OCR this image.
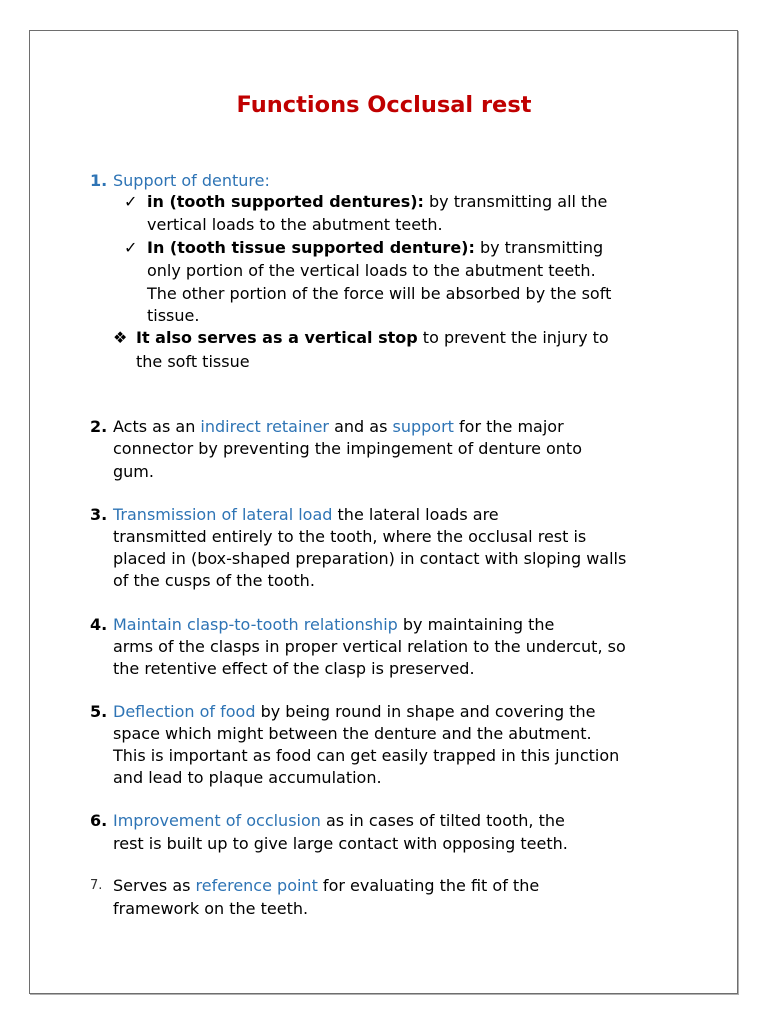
Functions Occlusal rest
1. Support of denture:
✓ in (tooth supported dentures): by transmitting all the
vertical loads to the abutment teeth.
✓ In (tooth tissue supported denture): by transmitting
only portion of the vertical loads to the abutment teeth.
The other portion of the force will be absorbed by the soft
tissue.
❖ It also serves as a vertical stop to prevent the injury to
the soft tissue
2. Acts as an indirect retainer and as support for the major
connector by preventing the impingement of denture onto
gum.
3. Transmission of lateral load the lateral loads are
transmitted entirely to the tooth, where the occlusal rest is
placed in (box-shaped preparation) in contact with sloping walls
of the cusps of the tooth.
4. Maintain clasp-to-tooth relationship by maintaining the
arms of the clasps in proper vertical relation to the undercut, so
the retentive effect of the clasp is preserved.
5. Deflection of food by being round in shape and covering the
space which might between the denture and the abutment.
This is important as food can get easily trapped in this junction
and lead to plaque accumulation.
6. Improvement of occlusion as in cases of tilted tooth, the
rest is built up to give large contact with opposing teeth.
7. Serves as reference point for evaluating the fit of the
framework on the teeth.
